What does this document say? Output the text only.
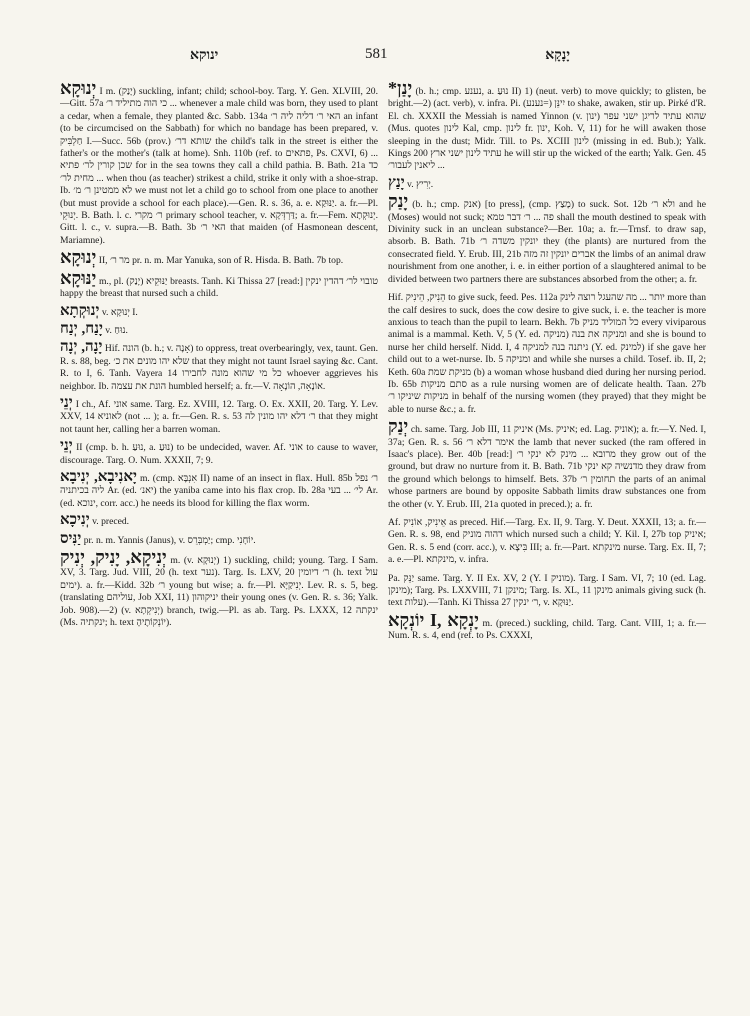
ינוקא	581	יָנָקָא

יְנוּקָא I m. (יָנַק) suckling, infant; child; school-boy. Targ. Y. Gen. XLVIII, 20.—Gitt. 57a כי הוה מתיליד ר׳ ... whenever a male child was born, they used to plant a cedar, when a female, they planted &c. Sabb. 134a האי ר׳ דליה ליה ר׳ an infant (to be circumcised on the Sabbath) for which no bandage has been prepared, v. חַלְבִּיק I.—Succ. 56b (prov.) שותא דר׳ the child's talk in the street is either the father's or the mother's (talk at home). Snh. 110b (ref. to פתאים, Ps. CXVI, 6) ... שכן קורין לר׳ פתיא for in the sea towns they call a child pathia. B. Bath. 21a כד מחית לר׳ ... when thou (as teacher) strikest a child, strike it only with a shoe-strap. Ib. לא ממטינן ר׳ מ׳ we must not let a child go to school from one place to another (but must provide a school for each place).—Gen. R. s. 36, a. e. יַנּוּקַא. a. fr.—Pl. יְנוּקֵי. B. Bath. l. c. ר׳ מקרי primary school teacher, v. דַּרְדְּקָא; a. fr.—Fem. יְנוּקְתָא. Gitt. l. c., v. supra.—B. Bath. 3b האי ר׳ that maiden (of Hasmonean descent, Mariamne).

יְנוּקָא II, מר ר׳ pr. n. m. Mar Yanuka, son of R. Hisda. B. Bath. 7b top.

יַנּוּקָא m., pl. יַנּוּקֵיא (יָנַק) breasts. Tanh. Ki Thissa 27 [read:] טובוי לר׳ דהדין ינקין happy the breast that nursed such a child.

יְנוּקְתָא v. יְנוּקָא I.

יָנַח, יְנַח v. נוּחַ.

יָנָה, יְנָה Hif. הונה (b. h.; v. אָנָה) to oppress, treat overbearingly, vex, taunt. Gen. R. s. 88, beg. שלא יהו מונים את כ׳ that they might not taunt Israel saying &c. Cant. R. to I, 6. Tanh. Vayera 14 כל מי שהוא מונה לחבירו whoever aggrieves his neighbor. Ib. הונת את עצמה humbled herself; a. fr.—V. אוֹנָאָה, הוֹנָאָה.

יְנֵי I ch., Af. אוני same. Targ. Ez. XVIII, 12. Targ. O. Ex. XXII, 20. Targ. Y. Lev. XXV, 14 לאוניא (not ... ); a. fr.—Gen. R. s. 53 ר׳ דלא יהו מונין לה that they might not taunt her, calling her a barren woman.

יְנֵי II (cmp. b. h. נוּעַ, a. נוּעַ) to be undecided, waver. Af. אוני to cause to waver, discourage. Targ. O. Num. XXXII, 7; 9.

יָאנִיבָא, יְנִיבָא m. (cmp. אִנְבָּא II) name of an insect in flax. Hull. 85b ר׳ נפל ליה בכיתניה Ar. (ed. יאנ׳) the yaniba came into his flax crop. Ib. 28a לי׳ ... בעי Ar. (ed. ינוכא, corr. acc.) he needs its blood for killing the flax worm.

יְנִיכָא v. preced.

יַנִּיס pr. n. m. Yannis (Janus), v. יַמְבְּרֵס; cmp. יוֹחָנִי.

יְנִיקָא, יָנִיק, יְנִיק m. (v. יְנוּקָא) 1) suckling, child; young. Targ. I Sam. XV, 3. Targ. Jud. VIII, 20 (h. text נער). Targ. Is. LXV, 20 ר׳ דיומין (h. text עול ימים). a. fr.—Kidd. 32b ר׳ young but wise; a. fr.—Pl. יְנִיקַיָּא. Lev. R. s. 5, beg. (translating עוליהם, Job XXI, 11) יניקוהון their young ones (v. Gen. R. s. 36; Yalk. Job. 908).—2) (v. יְנִיקְתָא) branch, twig.—Pl. as ab. Targ. Ps. LXXX, 12 ינקתה (Ms. ינקתיה; h. text יוֹנְקוֹתֶיהָ).

*יָנַן (b. h.; cmp. נענע, a. נוּעַ II) 1) (neut. verb) to move quickly; to glisten, be bright.—2) (act. verb), v. infra. Pi. יִינֵּן (=נענע) to shake, awaken, stir up. Pirké d'R. El. ch. XXXII the Messiah is named Yinnon (v. ינון) שהוא עתיד לריגן ישני עפר (Mus. quotes לינון Kal, cmp. לינון fr. ינון, Koh. V, 11) for he will awaken those sleeping in the dust; Midr. Till. to Ps. XCIII לינון (missing in ed. Bub.); Yalk. Kings 200 עתיד לינון ישני ארץ he will stir up the wicked of the earth; Yalk. Gen. 45 ליאנין לעבור׳ ...

יָנַץ v. יְרִיץ.

יָנַק (b. h.; cmp. אנק) [to press], (cmp. מָצַץ) to suck. Sot. 12b ולא ר׳ and he (Moses) would not suck; פה ... ר׳ דבר טמא shall the mouth destined to speak with Divinity suck in an unclean substance?—Ber. 10a; a. fr.—Trnsf. to draw sap, absorb. B. Bath. 71b יונקין משדה ר׳ they (the plants) are nurtured from the consecrated field. Y. Erub. III, 21b אברים יונקין זה מזה the limbs of an animal draw nourishment from one another, i. e. in either portion of a slaughtered animal to be divided between two partners there are substances absorbed from the other; a. fr.

Hif. הֵנִיק, הֵינִיק to give suck, feed. Pes. 112a יותר ... מה שהעגל רוצה לינק more than the calf desires to suck, does the cow desire to give suck, i. e. the teacher is more anxious to teach than the pupil to learn. Bekh. 7b כל המוליד מניק every viviparous animal is a mammal. Keth. V, 5 (Y. ed. מניקה) ומניקה את בנה and she is bound to nurse her child herself. Nidd. I, 4 ניתנה בנה למניקה (Y. ed. למינק) if she gave her child out to a wet-nurse. Ib. 5 ומניקה and while she nurses a child. Tosef. ib. II, 2; Keth. 60a מניקת שמת (b) a woman whose husband died during her nursing period. Ib. 65b סתם מניקות as a rule nursing women are of delicate health. Taan. 27b מניקות שיניקו ר׳ in behalf of the nursing women (they prayed) that they might be able to nurse &c.; a. fr.

יְנַק ch. same. Targ. Job III, 11 איניק (Ms. איניק; ed. Lag. אוניק); a. fr.—Y. Ned. I, 37a; Gen. R. s. 56 אימר דלא ר׳ the lamb that never sucked (the ram offered in Isaac's place). Ber. 40b [read:] מרובא ... מינק לא ינקי ר׳ they grow out of the ground, but draw no nurture from it. B. Bath. 71b מדנשיה קא ינקי they draw from the ground which belongs to himself. Bets. 37b תחומין ר׳ the parts of an animal whose partners are bound by opposite Sabbath limits draw substances one from the other (v. Y. Erub. III, 21a quoted in preced.); a. fr.

Af. אֵינִיק, אוֹנִיק as preced. Hif.—Targ. Ex. II, 9. Targ. Y. Deut. XXXII, 13; a. fr.—Gen. R. s. 98, end דהוה מוניק which nursed such a child; Y. Kil. I, 27b top איניק; Gen. R. s. 5 end (corr. acc.), v. בִּיצָא III; a. fr.—Part. מינקתא nurse. Targ. Ex. II, 7; a. e.—Pl. מינקתא, v. infra.

Pa. יַנֵּק same. Targ. Y. II Ex. XV, 2 (Y. I מוניק). Targ. I Sam. VI, 7; 10 (ed. Lag. מינקן); Targ. Ps. LXXVIII, 71 מינקן; Targ. Is. XL, 11 מינקן animals giving suck (h. text עלות).—Tanh. Ki Thissa 27 ר׳ ינקין, v. יַנּוּקָא.

יוֹנְקָא I, יָנְקָא m. (preced.) suckling, child. Targ. Cant. VIII, 1; a. fr.—Num. R. s. 4, end (ref. to Ps. CXXXI,
